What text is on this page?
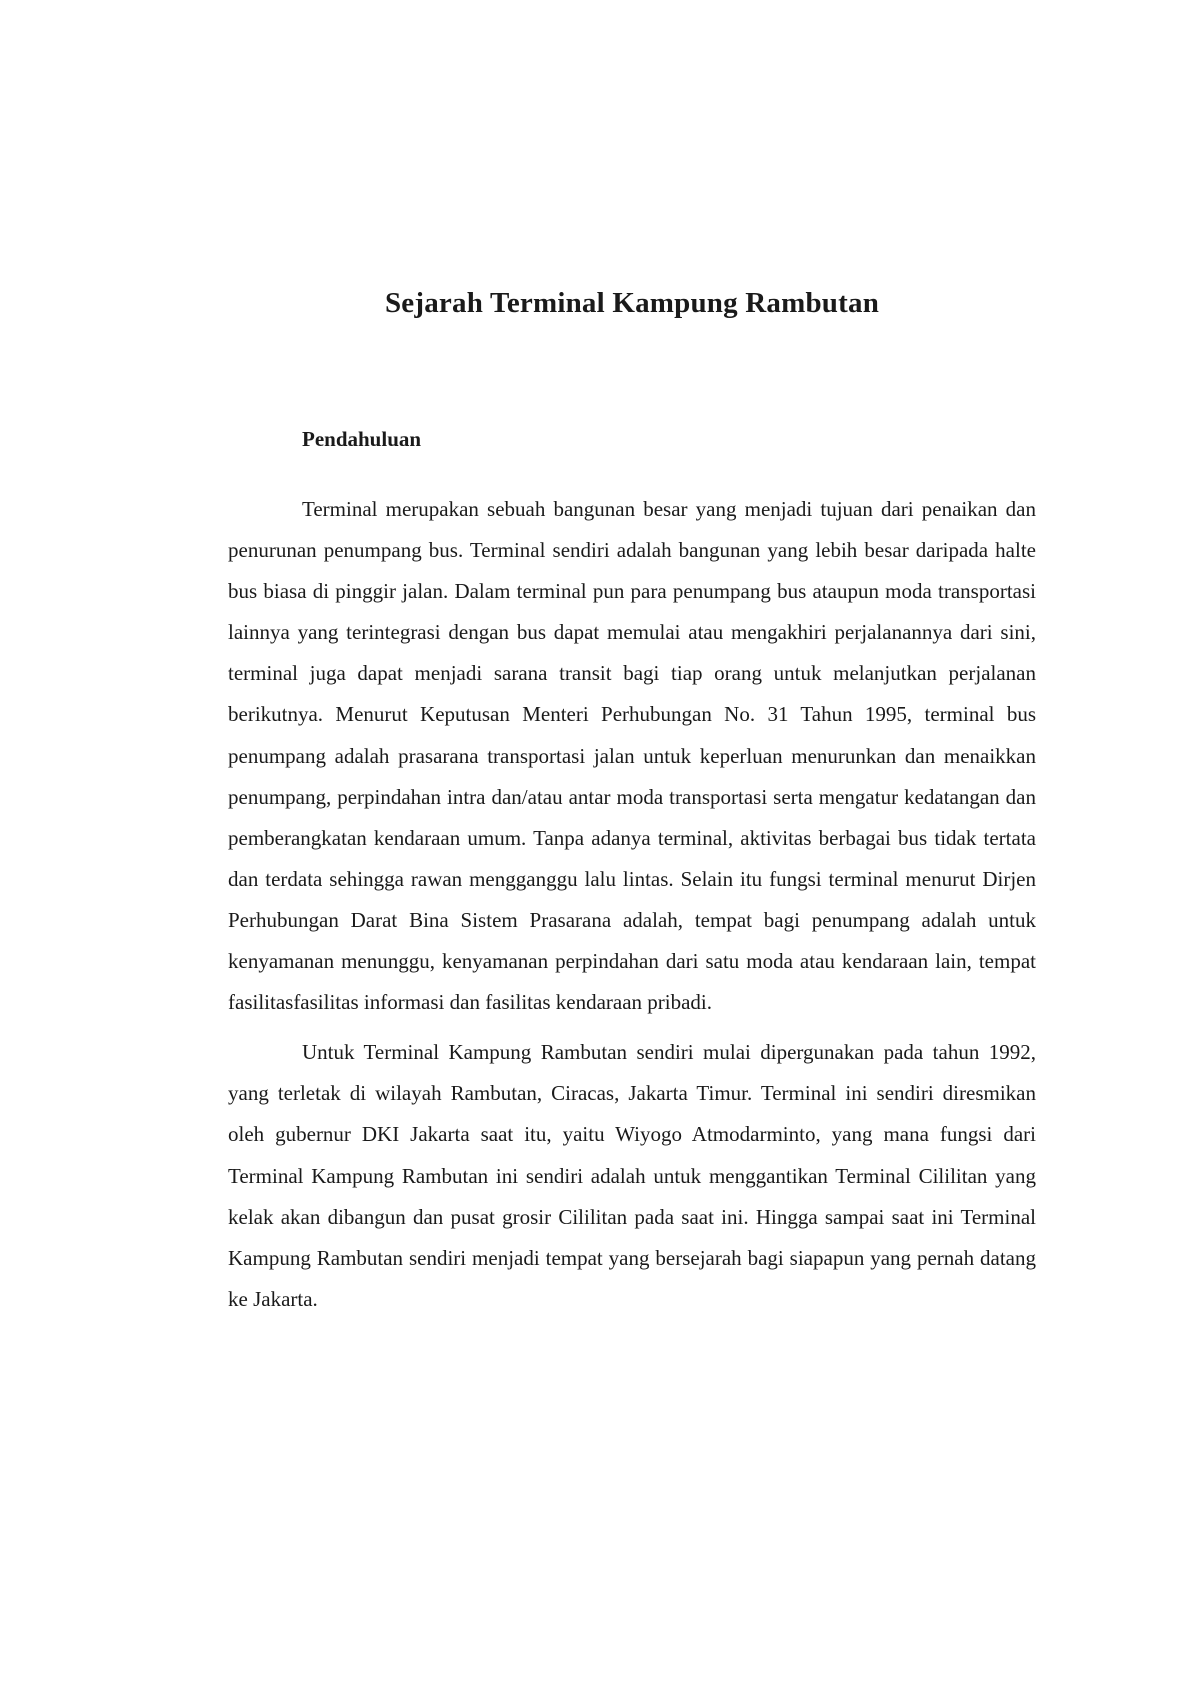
Sejarah Terminal Kampung Rambutan
Pendahuluan

Terminal merupakan sebuah bangunan besar yang menjadi tujuan dari penaikan dan penurunan penumpang bus. Terminal sendiri adalah bangunan yang lebih besar daripada halte bus biasa di pinggir jalan. Dalam terminal pun para penumpang bus ataupun moda transportasi lainnya yang terintegrasi dengan bus dapat memulai atau mengakhiri perjalanannya dari sini, terminal juga dapat menjadi sarana transit bagi tiap orang untuk melanjutkan perjalanan berikutnya. Menurut Keputusan Menteri Perhubungan No. 31 Tahun 1995, terminal bus penumpang adalah prasarana transportasi jalan untuk keperluan menurunkan dan menaikkan penumpang, perpindahan intra dan/atau antar moda transportasi serta mengatur kedatangan dan pemberangkatan kendaraan umum. Tanpa adanya terminal, aktivitas berbagai bus tidak tertata dan terdata sehingga rawan mengganggu lalu lintas. Selain itu fungsi terminal menurut Dirjen Perhubungan Darat Bina Sistem Prasarana adalah, tempat bagi penumpang adalah untuk kenyamanan menunggu, kenyamanan perpindahan dari satu moda atau kendaraan lain, tempat fasilitasfasilitas informasi dan fasilitas kendaraan pribadi.

Untuk Terminal Kampung Rambutan sendiri mulai dipergunakan pada tahun 1992, yang terletak di wilayah Rambutan, Ciracas, Jakarta Timur. Terminal ini sendiri diresmikan oleh gubernur DKI Jakarta saat itu, yaitu Wiyogo Atmodarminto, yang mana fungsi dari Terminal Kampung Rambutan ini sendiri adalah untuk menggantikan Terminal Cililitan yang kelak akan dibangun dan pusat grosir Cililitan pada saat ini. Hingga sampai saat ini Terminal Kampung Rambutan sendiri menjadi tempat yang bersejarah bagi siapapun yang pernah datang ke Jakarta.
